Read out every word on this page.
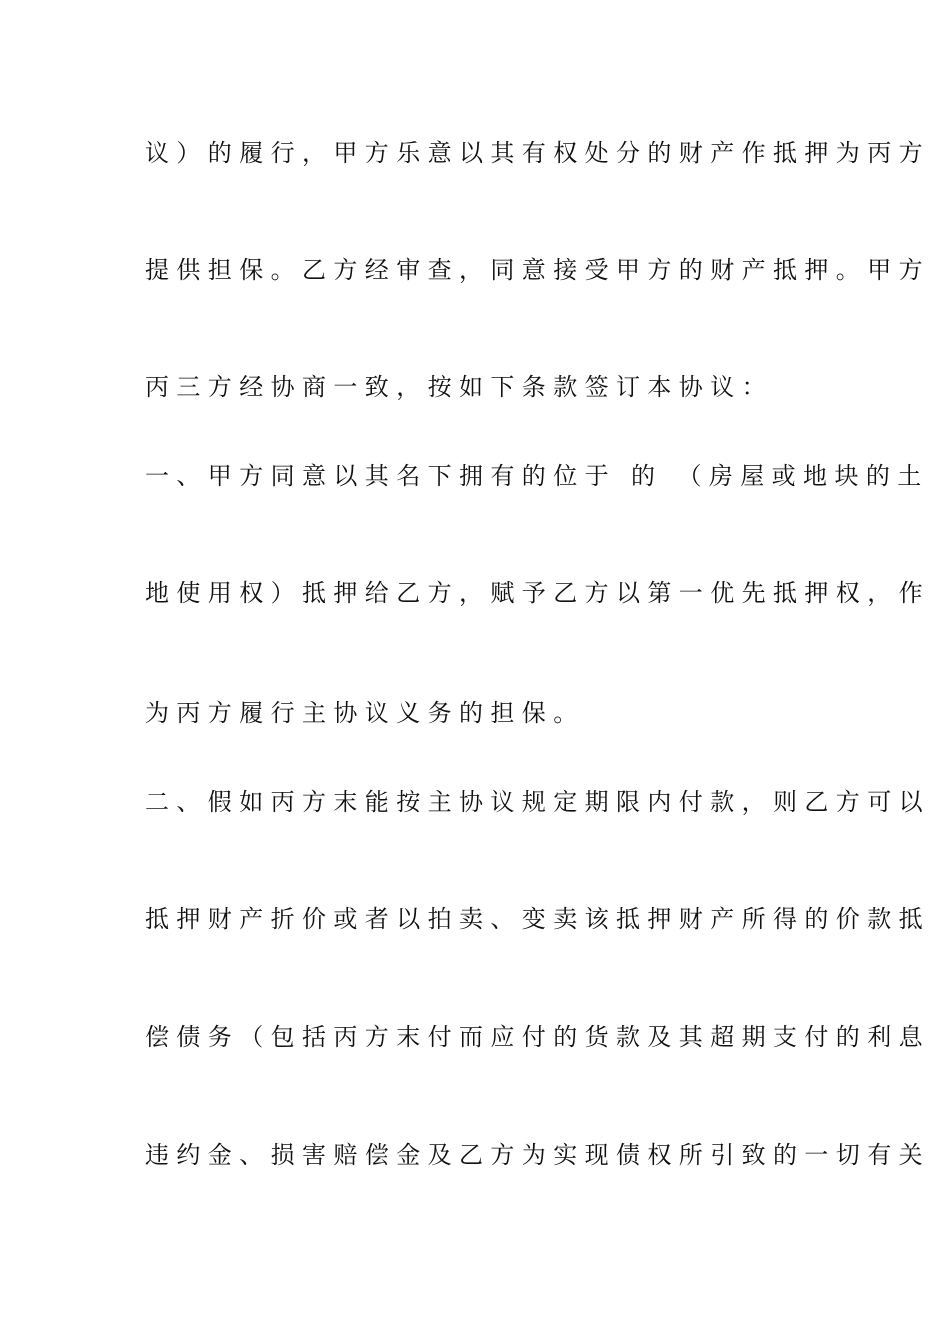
议）的履行，甲方乐意以其有权处分的财产作抵押为丙方
提供担保。乙方经审查，同意接受甲方的财产抵押。甲方
丙三方经协商一致，按如下条款签订本协议：
一、甲方同意以其名下拥有的位于 的 （房屋或地块的土
地使用权）抵押给乙方，赋予乙方以第一优先抵押权，作
为丙方履行主协议义务的担保。
二、假如丙方末能按主协议规定期限内付款，则乙方可以
抵押财产折价或者以拍卖、变卖该抵押财产所得的价款抵
偿债务（包括丙方末付而应付的货款及其超期支付的利息
违约金、损害赔偿金及乙方为实现债权所引致的一切有关
